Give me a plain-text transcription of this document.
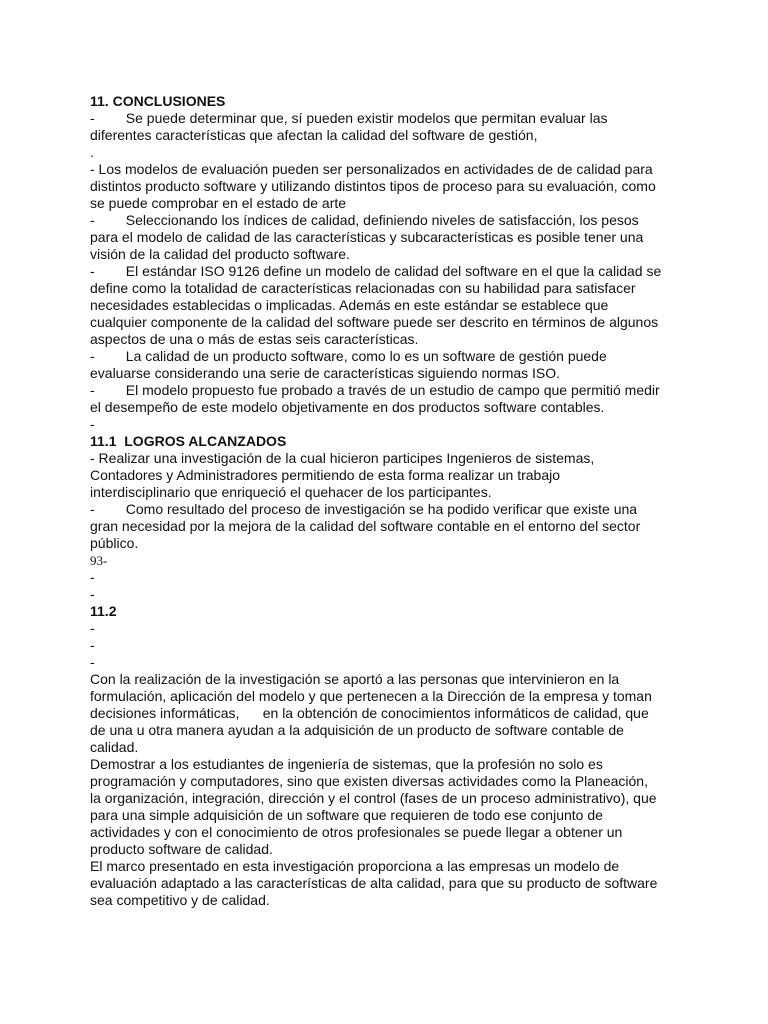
11. CONCLUSIONES
-        Se puede determinar que, sí pueden existir modelos que permitan evaluar las
diferentes características que afectan la calidad del software de gestión,
.
- Los modelos de evaluación pueden ser personalizados en actividades de de calidad para
distintos producto software y utilizando distintos tipos de proceso para su evaluación, como
se puede comprobar en el estado de arte
-        Seleccionando los índices de calidad, definiendo niveles de satisfacción, los pesos
para el modelo de calidad de las características y subcaracterísticas es posible tener una
visión de la calidad del producto software.
-        El estándar ISO 9126 define un modelo de calidad del software en el que la calidad se
define como la totalidad de características relacionadas con su habilidad para satisfacer
necesidades establecidas o implicadas. Además en este estándar se establece que
cualquier componente de la calidad del software puede ser descrito en términos de algunos
aspectos de una o más de estas seis características.
-        La calidad de un producto software, como lo es un software de gestión puede
evaluarse considerando una serie de características siguiendo normas ISO.
-        El modelo propuesto fue probado a través de un estudio de campo que permitió medir
el desempeño de este modelo objetivamente en dos productos software contables.
-
11.1  LOGROS ALCANZADOS
- Realizar una investigación de la cual hicieron participes Ingenieros de sistemas,
Contadores y Administradores permitiendo de esta forma realizar un trabajo
interdisciplinario que enriqueció el quehacer de los participantes.
-        Como resultado del proceso de investigación se ha podido verificar que existe una
gran necesidad por la mejora de la calidad del software contable en el entorno del sector
público.
93-
-
-
11.2
-
-
-
Con la realización de la investigación se aportó a las personas que intervinieron en la
formulación, aplicación del modelo y que pertenecen a la Dirección de la empresa y toman
decisiones informáticas,      en la obtención de conocimientos informáticos de calidad, que
de una u otra manera ayudan a la adquisición de un producto de software contable de
calidad.
Demostrar a los estudiantes de ingeniería de sistemas, que la profesión no solo es
programación y computadores, sino que existen diversas actividades como la Planeación,
la organización, integración, dirección y el control (fases de un proceso administrativo), que
para una simple adquisición de un software que requieren de todo ese conjunto de
actividades y con el conocimiento de otros profesionales se puede llegar a obtener un
producto software de calidad.
El marco presentado en esta investigación proporciona a las empresas un modelo de
evaluación adaptado a las características de alta calidad, para que su producto de software
sea competitivo y de calidad.
